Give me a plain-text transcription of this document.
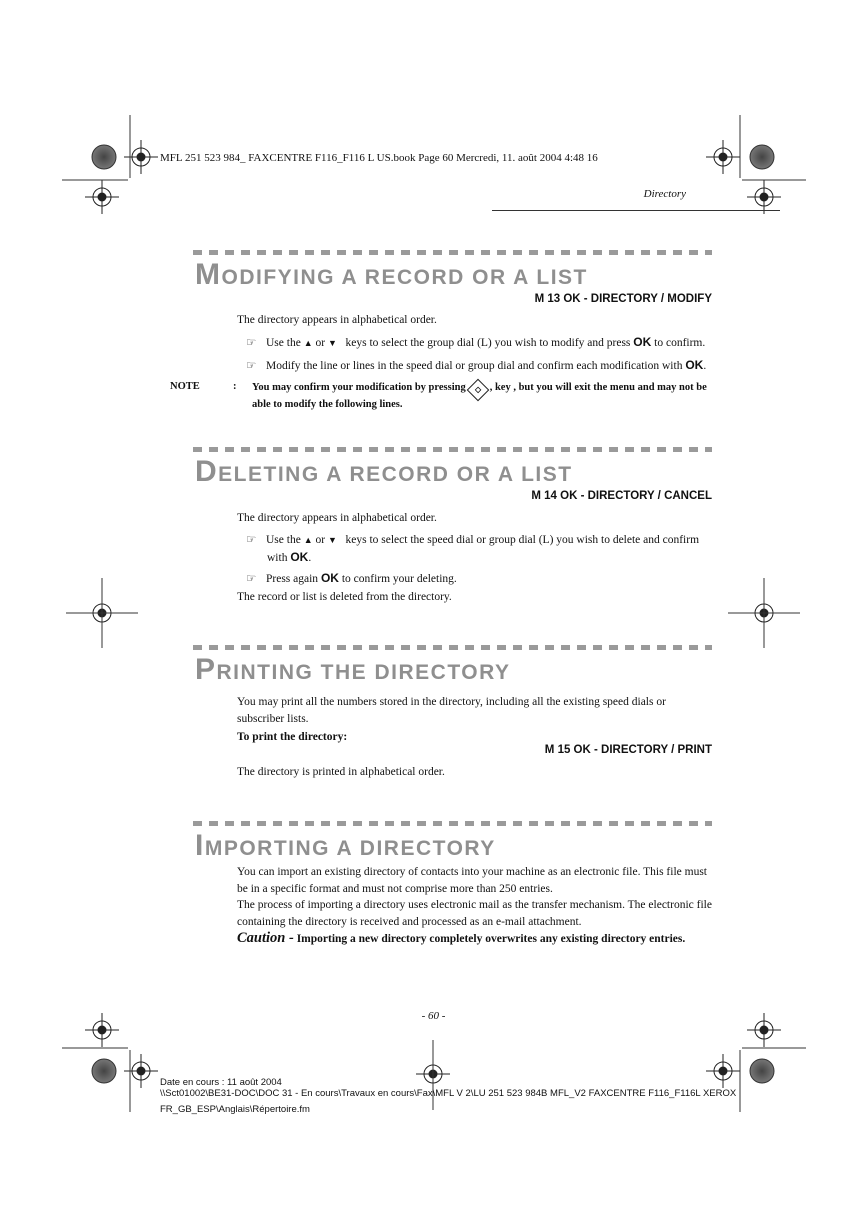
MFL 251 523 984_ FAXCENTRE F116_F116 L US.book Page 60 Mercredi, 11. août 2004 4:48 16
Directory
MODIFYING A RECORD OR A LIST
M 13 OK - DIRECTORY / MODIFY
The directory appears in alphabetical order.
☞ Use the ▲ or ▼ keys to select the group dial (L) you wish to modify and press OK to confirm.
☞ Modify the line or lines in the speed dial or group dial and confirm each modification with OK.
NOTE	: You may confirm your modification by pressing ◇ , key , but you will exit the menu and may not be able to modify the following lines.
DELETING A RECORD OR A LIST
M 14 OK - DIRECTORY / CANCEL
The directory appears in alphabetical order.
☞ Use the ▲ or ▼ keys to select the speed dial or group dial (L) you wish to delete and confirm
with OK.
☞ Press again OK to confirm your deleting.
The record or list is deleted from the directory.
PRINTING THE DIRECTORY
You may print all the numbers stored in the directory, including all the existing speed dials or subscriber lists.
To print the directory:
M 15 OK - DIRECTORY / PRINT
The directory is printed in alphabetical order.
IMPORTING A DIRECTORY
You can import an existing directory of contacts into your machine as an electronic file. This file must be in a specific format and must not comprise more than 250 entries.
The process of importing a directory uses electronic mail as the transfer mechanism. The electronic file containing the directory is received and processed as an e-mail attachment.
Caution - Importing a new directory completely overwrites any existing directory entries.
- 60 -
Date en cours : 11 août 2004
\\Sct01002\BE31-DOC\DOC 31 - En cours\Travaux en cours\Fax\MFL V 2\LU 251 523 984B MFL_V2 FAXCENTRE F116_F116L XEROX
FR_GB_ESP\Anglais\Répertoire.fm
